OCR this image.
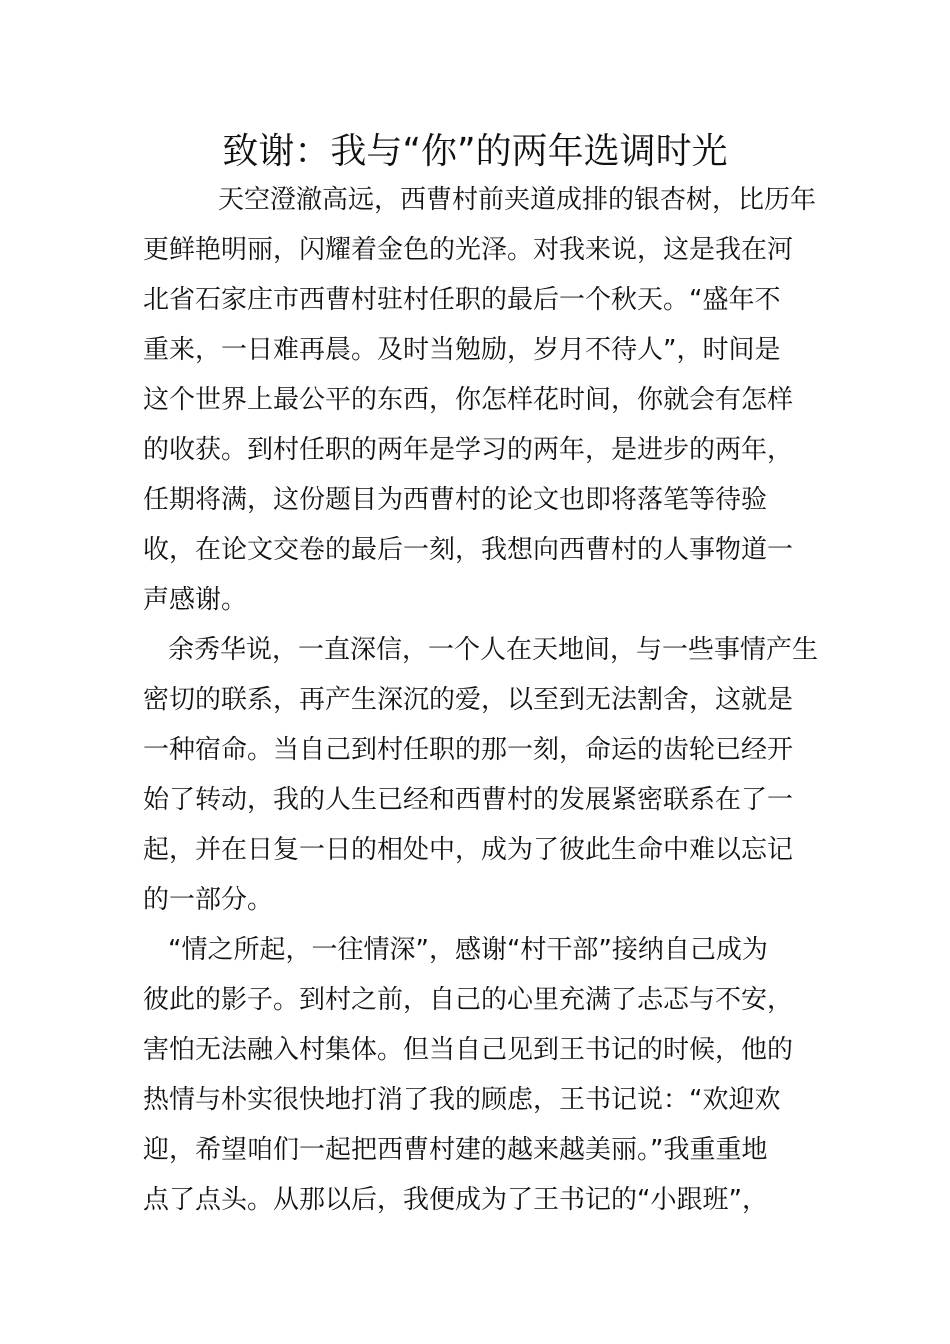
致谢：我与“你”的两年选调时光

天空澄澈高远，西曹村前夹道成排的银杏树，比历年

更鲜艳明丽，闪耀着金色的光泽。对我来说，这是我在河

北省石家庄市西曹村驻村任职的最后一个秋天。“盛年不

重来，一日难再晨。及时当勉励，岁月不待人”，时间是

这个世界上最公平的东西，你怎样花时间，你就会有怎样

的收获。到村任职的两年是学习的两年，是进步的两年，

任期将满，这份题目为西曹村的论文也即将落笔等待验

收，在论文交卷的最后一刻，我想向西曹村的人事物道一

声感谢。

余秀华说，一直深信，一个人在天地间，与一些事情产生

密切的联系，再产生深沉的爱，以至到无法割舍，这就是

一种宿命。当自己到村任职的那一刻，命运的齿轮已经开

始了转动，我的人生已经和西曹村的发展紧密联系在了一

起，并在日复一日的相处中，成为了彼此生命中难以忘记

的一部分。

“情之所起，一往情深”，感谢“村干部”接纳自己成为

彼此的影子。到村之前，自己的心里充满了忐忑与不安，

害怕无法融入村集体。但当自己见到王书记的时候，他的

热情与朴实很快地打消了我的顾虑，王书记说：“欢迎欢

迎，希望咱们一起把西曹村建的越来越美丽。”我重重地

点了点头。从那以后，我便成为了王书记的“小跟班”，
